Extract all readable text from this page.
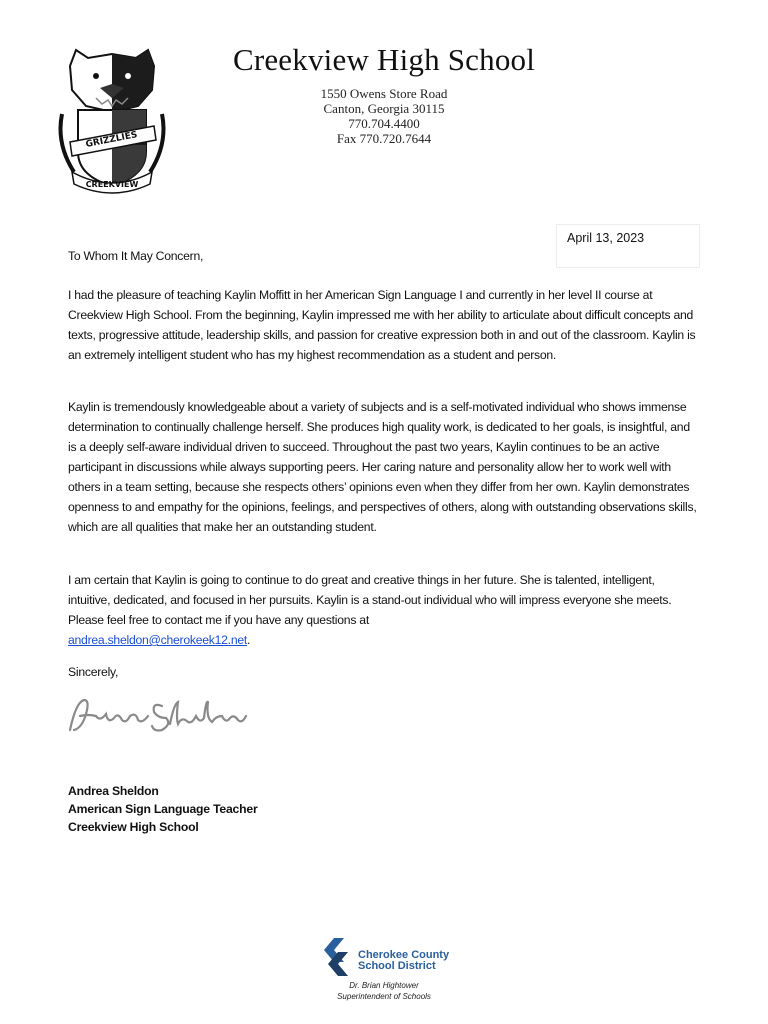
GRIZZLIES
CREEKVIEW
Creekview High School
1550 Owens Store Road
Canton, Georgia 30115
770.704.4400
Fax 770.720.7644
April 13, 2023
To Whom It May Concern,

I had the pleasure of teaching Kaylin Moffitt in her American Sign Language I and currently in her level II course at Creekview High School. From the beginning, Kaylin impressed me with her ability to articulate about difficult concepts and texts, progressive attitude, leadership skills, and passion for creative expression both in and out of the classroom. Kaylin is an extremely intelligent student who has my highest recommendation as a student and person.

Kaylin is tremendously knowledgeable about a variety of subjects and is a self-motivated individual who shows immense determination to continually challenge herself. She produces high quality work, is dedicated to her goals, is insightful, and is a deeply self-aware individual driven to succeed. Throughout the past two years, Kaylin continues to be an active participant in discussions while always supporting peers. Her caring nature and personality allow her to work well with others in a team setting, because she respects others’ opinions even when they differ from her own. Kaylin demonstrates openness to and empathy for the opinions, feelings, and perspectives of others, along with outstanding observations skills, which are all qualities that make her an outstanding student.

I am certain that Kaylin is going to continue to do great and creative things in her future. She is talented, intelligent, intuitive, dedicated, and focused in her pursuits. Kaylin is a stand-out individual who will impress everyone she meets. Please feel free to contact me if you have any questions at
andrea.sheldon@cherokeek12.net.

Sincerely,
Andrea Sheldon
American Sign Language Teacher
Creekview High School
Cherokee County
School District
Dr. Brian Hightower
Superintendent of Schools
